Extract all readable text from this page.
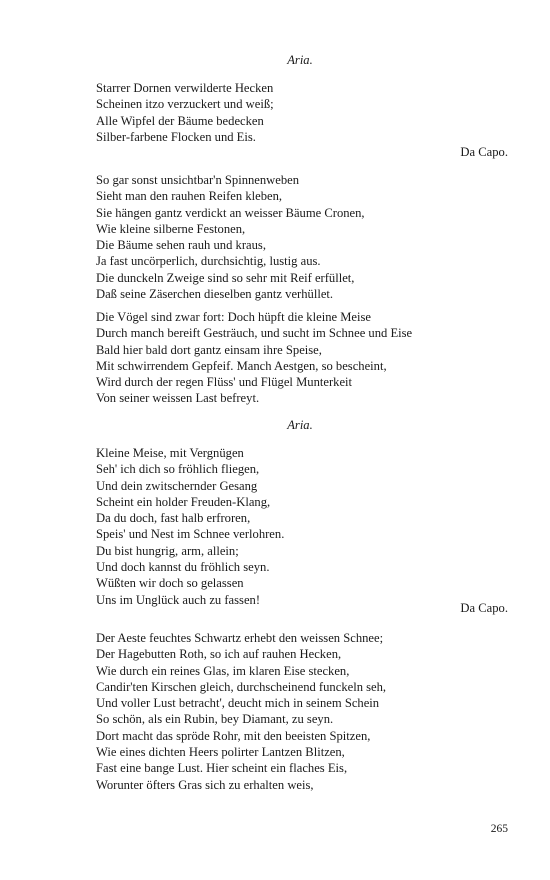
Aria.
Starrer Dornen verwilderte Hecken
Scheinen itzo verzuckert und weiß;
Alle Wipfel der Bäume bedecken
Silber-farbene Flocken und Eis.
Da Capo.
So gar sonst unsichtbar'n Spinnenweben
Sieht man den rauhen Reifen kleben,
Sie hängen gantz verdickt an weisser Bäume Cronen,
Wie kleine silberne Festonen,
Die Bäume sehen rauh und kraus,
Ja fast uncörperlich, durchsichtig, lustig aus.
Die dunckeln Zweige sind so sehr mit Reif erfüllet,
Daß seine Zäserchen dieselben gantz verhüllet.
Die Vögel sind zwar fort: Doch hüpft die kleine Meise
Durch manch bereift Gesträuch, und sucht im Schnee und Eise
Bald hier bald dort gantz einsam ihre Speise,
Mit schwirrendem Gepfeif. Manch Aestgen, so bescheint,
Wird durch der regen Flüss' und Flügel Munterkeit
Von seiner weissen Last befreyt.
Aria.
Kleine Meise, mit Vergnügen
Seh' ich dich so fröhlich fliegen,
Und dein zwitschernder Gesang
Scheint ein holder Freuden-Klang,
Da du doch, fast halb erfroren,
Speis' und Nest im Schnee verlohren.
Du bist hungrig, arm, allein;
Und doch kannst du fröhlich seyn.
Wüßten wir doch so gelassen
Uns im Unglück auch zu fassen!
Da Capo.
Der Aeste feuchtes Schwartz erhebt den weissen Schnee;
Der Hagebutten Roth, so ich auf rauhen Hecken,
Wie durch ein reines Glas, im klaren Eise stecken,
Candir'ten Kirschen gleich, durchscheinend funckeln seh,
Und voller Lust betracht', deucht mich in seinem Schein
So schön, als ein Rubin, bey Diamant, zu seyn.
Dort macht das spröde Rohr, mit den beeisten Spitzen,
Wie eines dichten Heers polirter Lantzen Blitzen,
Fast eine bange Lust. Hier scheint ein flaches Eis,
Worunter öfters Gras sich zu erhalten weis,
265
